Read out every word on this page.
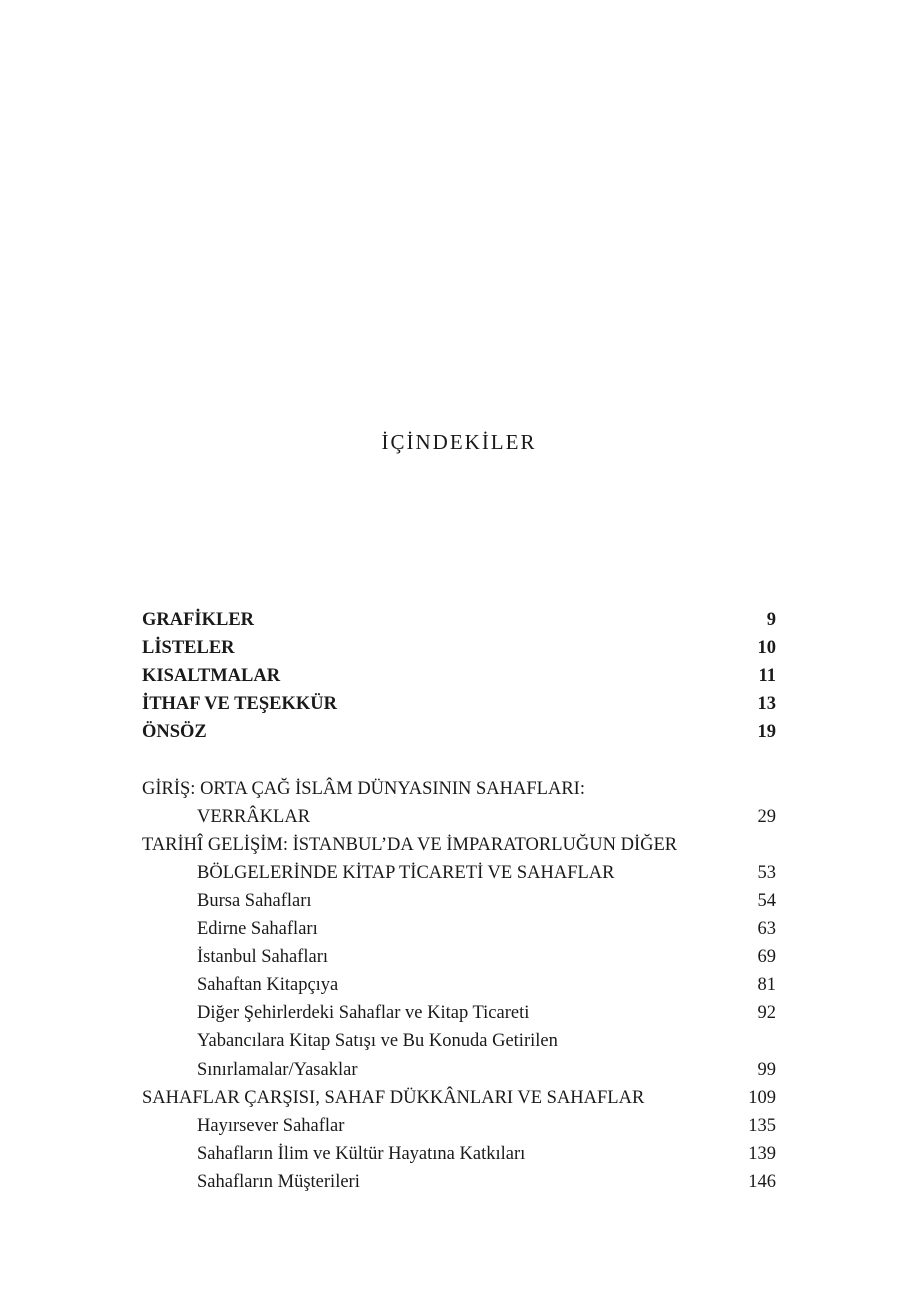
İÇİNDEKİLER
GRAFİKLER	9
LİSTELER	10
KISALTMALAR	11
İTHAF VE TEŞEKKÜR	13
ÖNSÖZ	19
GİRİŞ: ORTA ÇAĞ İSLÂM DÜNYASININ SAHAFLARI:
VERRÂKLAR	29
TARİHÎ GELİŞİM: İSTANBUL’DA VE İMPARATORLUĞUN DİĞER
BÖLGELERİNDE KİTAP TİCARETİ VE SAHAFLAR	53
Bursa Sahafları	54
Edirne Sahafları	63
İstanbul Sahafları	69
Sahaftan Kitapçıya	81
Diğer Şehirlerdeki Sahaflar ve Kitap Ticareti	92
Yabancılara Kitap Satışı ve Bu Konuda Getirilen
Sınırlamalar/Yasaklar	99
SAHAFLAR ÇARŞISI, SAHAF DÜKKÂNLARI VE SAHAFLAR	109
Hayırsever Sahaflar	135
Sahafların İlim ve Kültür Hayatına Katkıları	139
Sahafların Müşterileri	146
